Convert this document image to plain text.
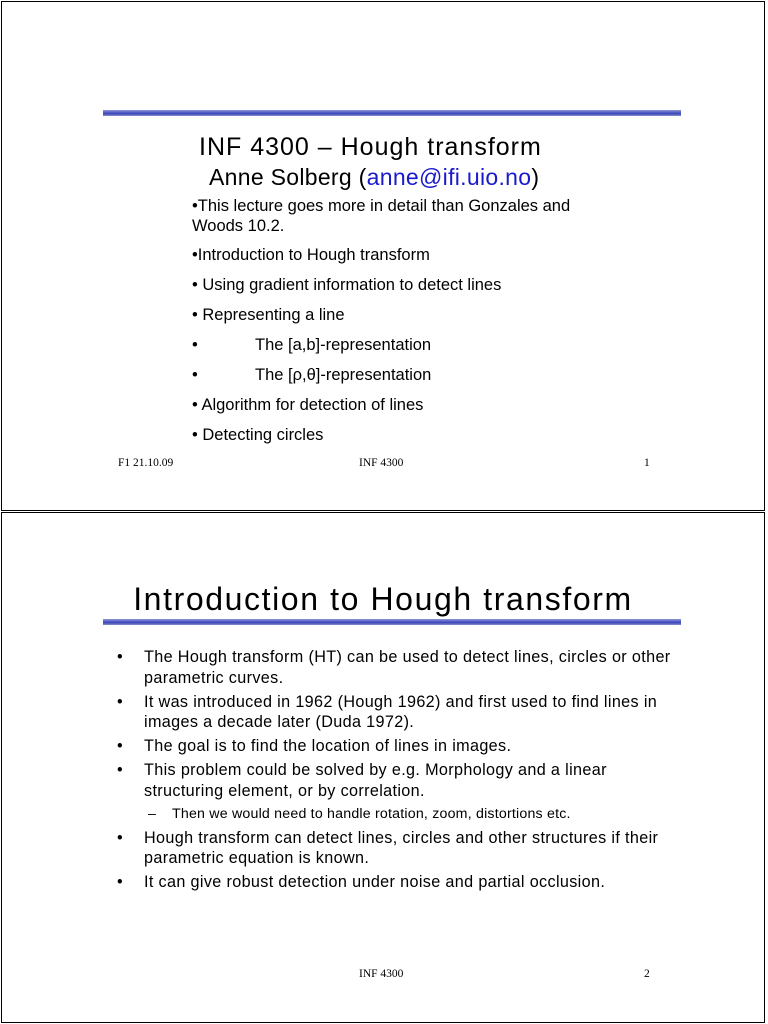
INF 4300 – Hough transform
Anne Solberg (anne@ifi.uio.no)
•This lecture goes more in detail than Gonzales and Woods 10.2.
•Introduction to Hough transform
• Using gradient information to detect lines
• Representing a line
•	The [a,b]-representation
•	The [ρ,θ]-representation
• Algorithm for detection of lines
• Detecting circles
F1 21.10.09	INF 4300	1
Introduction to Hough transform
• The Hough transform (HT) can be used to detect lines, circles or other parametric curves.
• It was introduced in 1962 (Hough 1962) and first used to find lines in images a decade later (Duda 1972).
• The goal is to find the location of lines in images.
• This problem could be solved by e.g. Morphology and a linear structuring element, or by correlation.
– Then we would need to handle rotation, zoom, distortions etc.
• Hough transform can detect lines, circles and other structures if their parametric equation is known.
• It can give robust detection under noise and partial occlusion.
INF 4300	2
